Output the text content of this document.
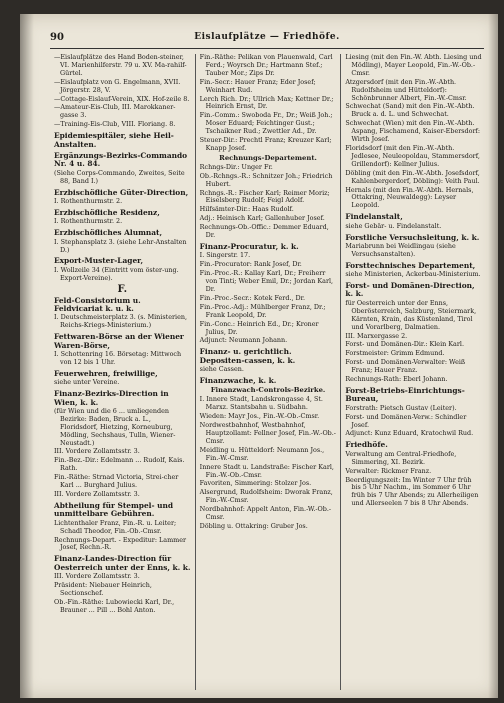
90	Eislaufplätze — Friedhöfe.

—Eislaufplätze des Hand Boden-steiner, VI. Marienhilferstr. 79 u. XV. Ma-rahilf-Gürtel.

—Eislaufplatz von G. Engelmann, XVII. Jörgerstr. 28, V.

—Cottage-Eislauf-Verein, XIX. Hof-zeile 8.

—Amateur-Eis-Club, III. Marokkaner-gasse 3.

—Training-Eis-Club, VIII. Floriang. 8.

Epidemiespitäler, siehe Heil-Anstalten.
Ergänzungs-Bezirks-Commando Nr. 4 u. 84.

(Siehe Corps-Commando, Zweites, Seite 88, Band I.)

Erzbischöfliche Güter-Direction,

I. Rothenthurmstr. 2.

Erzbischöfliche Residenz,

I. Rothenthurmstr. 2.

Erzbischöfliches Alumnat,

I. Stephansplatz 3. (siehe Lehr-Anstalten D.)

Export-Muster-Lager,

I. Wollzeile 34 (Eintritt vom öster-ung. Export-Vereine).

F.
Feld-Consistorium u. Feldvicariat k. u. k.

I. Deutschmeisterplatz 3. (s. Ministerien, Reichs-Kriegs-Ministerium.)

Fettwaren-Börse an der Wiener Waren-Börse,

I. Schottenring 16. Börsetag: Mittwoch von 12 bis 1 Uhr.

Feuerwehren, freiwillige,

siehe unter Vereine.

Finanz-Bezirks-Direction in Wien, k. k.

(für Wien und die 6 ... umliegenden Bezirke: Baden, Bruck a. L., Floridsdorf, Hietzing, Korneuburg, Mödling, Sechshaus, Tulln, Wiener-Neustadt.)

III. Vordere Zollamtsstr. 3.

Fin.-Bez.-Dir.: Edelmann ... Rudolf, Kais. Rath.

Fin.-Räthe: Strnad Victoria, Strei-cher Karl ... Burghard Julius.

III. Vordere Zollamtsstr. 3.

Abtheilung für Stempel- und unmittelbare Gebühren.

Lichtenthaler Franz, Fin.-R. u. Leiter; Schadl Theodor, Fin.-Ob.-Cmsr.

Rechnungs-Depart. - Expeditur: Lammer Josef, Rechn.-R.

Finanz-Landes-Direction für Oesterreich unter der Enns, k. k.

III. Vordere Zollamtsstr. 3.

Präsident: Niebauer Heinrich, Sectionschef.

Ob.-Fin.-Räthe: Lubowiecki Karl, Dr., Brauner ... Pill ... Bohl Anton.

Fin.-Räthe: Pelikan von Plauenwald, Carl Ferd.; Woyrsch Dr.; Hartmann Stef.; Tauber Mor.; Zips Dr.

Fin.-Secr.: Hauer Franz; Eder Josef; Weinhart Rud.

Lerch Rich. Dr.; Ullrich Max; Kettner Dr.; Heinrich Ernst, Dr.

Fin.-Comm.: Swoboda Fr., Dr.; Weiß Joh.; Moser Eduard; Feichtinger Gust.; Tschaikner Rud.; Zwettler Ad., Dr.

Steuer-Dir.: Prechtl Franz; Kreuzer Karl; Knapp Josef.

Rechnungs-Departement.

Rchngs-Dir.: Unger Fr.

Ob.-Rchngs.-R.: Schnitzer Joh.; Friedrich Hubert.

Rchngs.-R.: Fischer Karl; Reimer Moriz; Eiselsberg Rudolf; Feigl Adolf.

Hilfsämter-Dir.: Haas Rudolf.

Adj.: Heinisch Karl; Gallenhuber Josef.

Rechnungs-Ob.-Offic.: Demmer Eduard, Dr.

Finanz-Procuratur, k. k.

I. Singerstr. 17.

Fin.-Procurator: Rank Josef, Dr.

Fin.-Proc.-R.: Kallay Karl, Dr.; Freiherr von Tinti; Weber Emil, Dr.; Jordan Karl, Dr.

Fin.-Proc.-Secr.: Kotek Ferd., Dr.

Fin.-Proc.-Adj.: Mühlberger Franz, Dr.; Frank Leopold, Dr.

Fin.-Conc.: Heinrich Ed., Dr.; Kroner Julius, Dr.

Adjunct: Neumann Johann.

Finanz- u. gerichtlich. Depositen-cassen, k. k.

siehe Cassen.

Finanzwache, k. k.
Finanzwach-Controls-Bezirke.

I. Innere Stadt, Landskrongasse 4, St. Marxz. Stantsbahn u. Südbahn.

Wieden: Mayr Jos., Fin.-W.-Ob.-Cmsr.

Nordwestbahnhof, Westbahnhof, Hauptzollamt: Fellner Josef, Fin.-W.-Ob.-Cmsr.

Meidling u. Hütteldorf: Neumann Jos., Fin.-W.-Cmsr.

Innere Stadt u. Landstraße: Fischer Karl, Fin.-W.-Ob.-Cmsr.

Favoriten, Simmering: Stolzer Jos.

Alsergrund, Rudolfsheim: Dworak Franz, Fin.-W.-Cmsr.

Nordbahnhof: Appelt Anton, Fin.-W.-Ob.-Cmsr.

Döbling u. Ottakring: Gruber Jos.

Liesing (mit den Fin.-W. Abth. Liesing und Mödling), Mayer Leopold, Fin.-W.-Ob.-Cmsr.

Atzgersdorf (mit den Fin.-W.-Abth. Rudolfsheim und Hütteldorf): Schönbrunner Albert, Fin.-W.-Cmsr.

Schwechat (Sand) mit den Fin.-W.-Abth. Bruck a. d. L. und Schwechat.

Schwechat (Wien) mit den Fin.-W.-Abth. Aspang, Fischamend, Kaiser-Ebersdorf: Wirth Josef.

Floridsdorf (mit den Fin.-W.-Abth. Jedlesee, Neuleopoldau, Stammersdorf, Grillendorf): Kellner Julius.

Döbling (mit den Fin.-W.-Abth. Josefsdorf, Kahlenbergerdorf, Döbling): Veith Paul.

Hernals (mit den Fin.-W.-Abth. Hernals, Ottakring, Neuwaldegg): Leyser Leopold.

Findelanstalt,

siehe Gebär- u. Findelanstalt.

Forstliche Versuchsleitung, k. k.

Mariabrunn bei Weidlingau (siehe Versuchsanstalten).

Forsttechnisches Departement,

siehe Ministerien, Ackerbau-Ministerium.

Forst- und Domänen-Direction, k. k.

für Oesterreich unter der Enns, Oberösterreich, Salzburg, Steiermark, Kärnten, Krain, das Küstenland, Tirol und Vorarlberg, Dalmatien.

III. Marxergasse 2.

Forst- und Domänen-Dir.: Klein Karl.

Forstmeister: Grimm Edmund.

Forst- und Domänen-Verwalter: Weiß Franz; Hauer Franz.

Rechnungs-Rath: Eberl Johann.

Forst-Betriebs-Einrichtungs-Bureau,

Forstrath: Pietsch Gustav (Leiter).

Forst- und Domänen-Verw.: Schindler Josef.

Adjunct: Kunz Eduard, Kratochwil Rud.

Friedhöfe.

Verwaltung am Central-Friedhofe, Simmering, XI. Bezirk.

Verwalter: Rickmer Franz.

Beerdigungszeit: Im Winter 7 Uhr früh bis 5 Uhr Nachm., im Sommer 6 Uhr früh bis 7 Uhr Abends; zu Allerheiligen und Allerseelen 7 bis 8 Uhr Abends.
